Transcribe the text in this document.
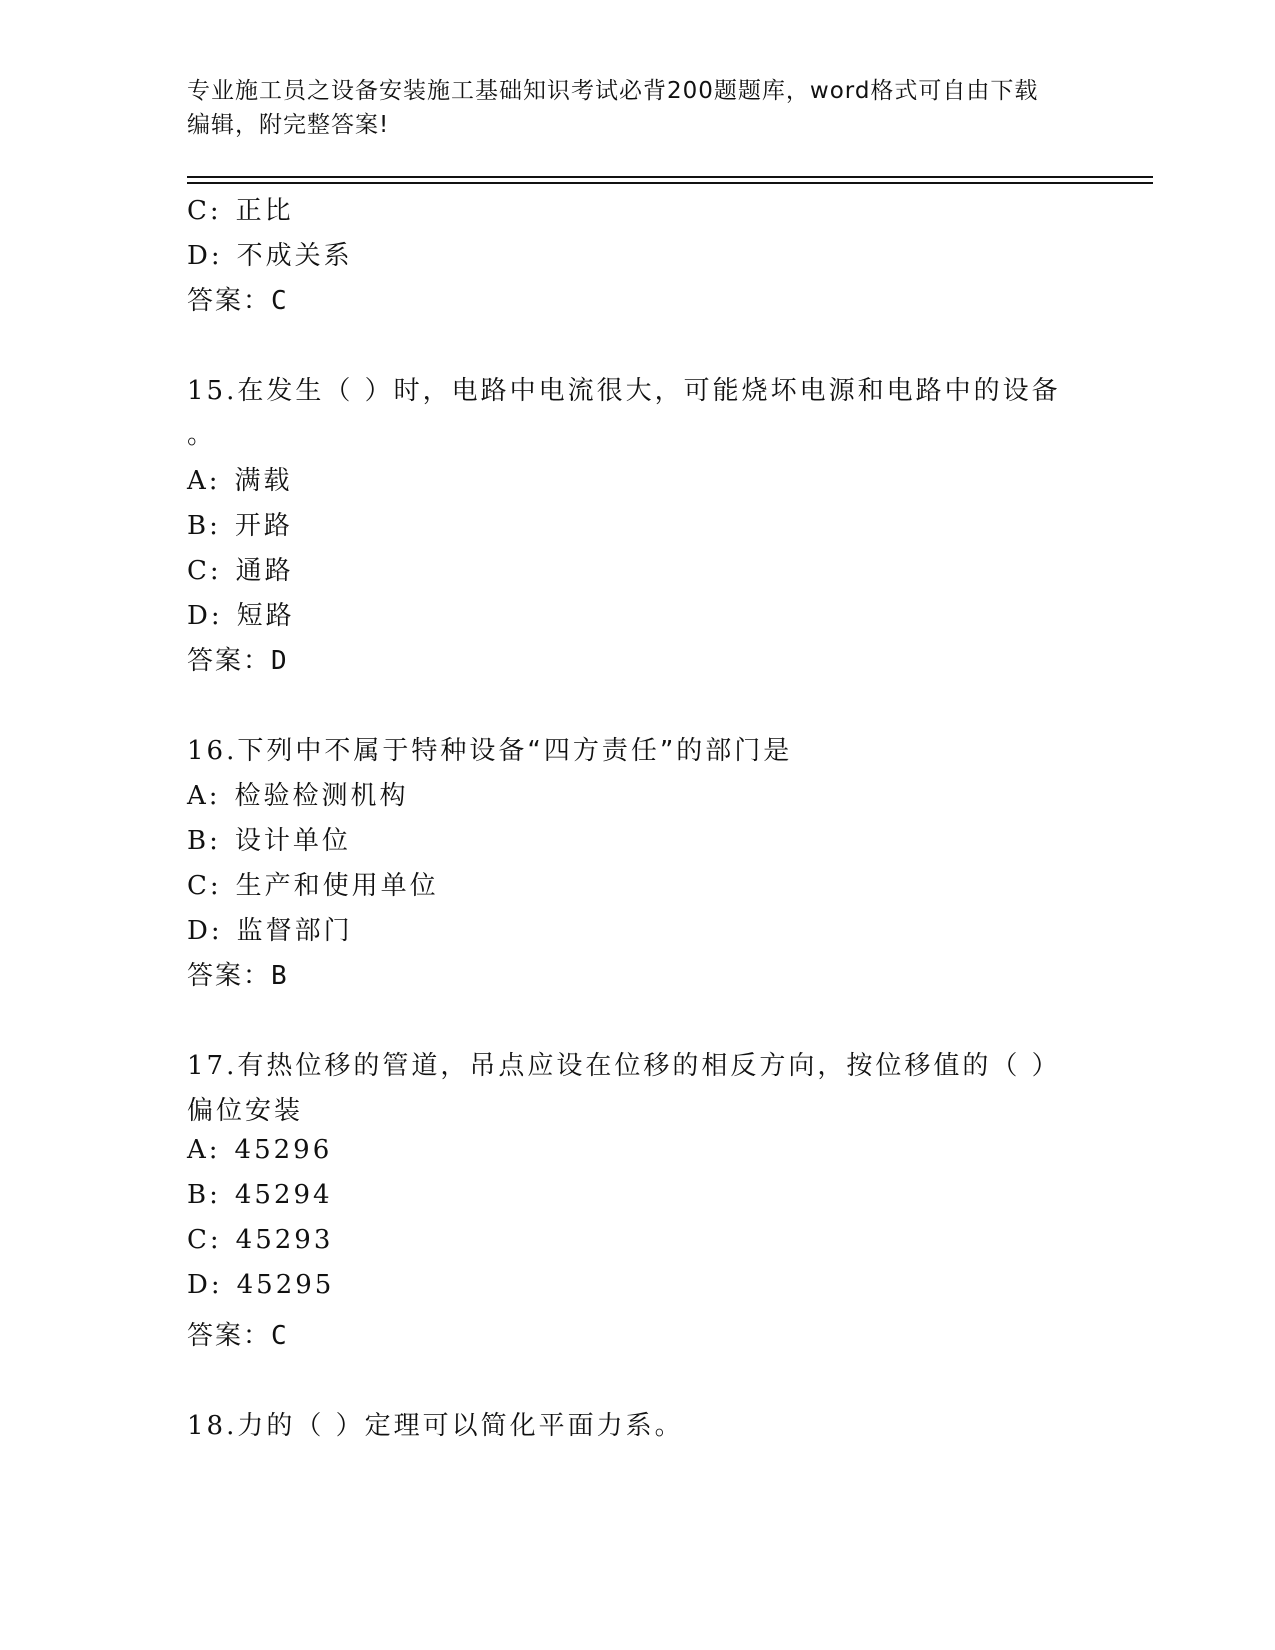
专业施工员之设备安装施工基础知识考试必背200题题库，word格式可自由下载
编辑，附完整答案!
C: 正比
D: 不成关系
答案：C
15.在发生（ ）时，电路中电流很大，可能烧坏电源和电路中的设备
。
A: 满载
B: 开路
C: 通路
D: 短路
答案：D
16.下列中不属于特种设备“四方责任”的部门是
A: 检验检测机构
B: 设计单位
C: 生产和使用单位
D: 监督部门
答案：B
17.有热位移的管道，吊点应设在位移的相反方向，按位移值的（ ）
偏位安装
A: 45296
B: 45294
C: 45293
D: 45295
答案：C
18.力的（ ）定理可以简化平面力系。
